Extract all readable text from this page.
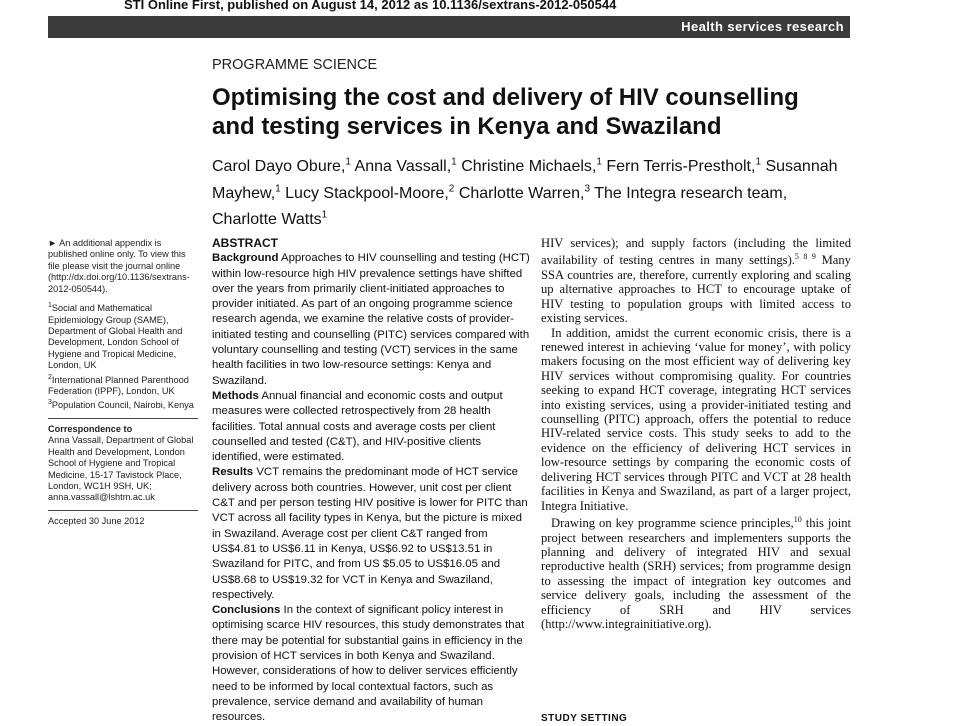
STI Online First, published on August 14, 2012 as 10.1136/sextrans-2012-050544
Health services research
PROGRAMME SCIENCE
Optimising the cost and delivery of HIV counselling and testing services in Kenya and Swaziland
Carol Dayo Obure,$^1$ Anna Vassall,$^1$ Christine Michaels,$^1$ Fern Terris-Prestholt,$^1$ Susannah Mayhew,$^1$ Lucy Stackpool-Moore,$^2$ Charlotte Warren,$^3$ The Integra research team, Charlotte Watts$^1$

► An additional appendix is published online only. To view this file please visit the journal online (http://dx.doi.org/10.1136/sextrans-2012-050544).

$^1$Social and Mathematical Epidemiology Group (SAME), Department of Global Health and Development, London School of Hygiene and Tropical Medicine, London, UK

$^2$International Planned Parenthood Federation (IPPF), London, UK

$^3$Population Council, Nairobi, Kenya

Correspondence to

Anna Vassall, Department of Global Health and Development, London School of Hygiene and Tropical Medicine, 15-17 Tavistock Place, London, WC1H 9SH, UK; anna.vassall@lshtm.ac.uk

Accepted 30 June 2012

ABSTRACT

Background Approaches to HIV counselling and testing (HCT) within low-resource high HIV prevalence settings have shifted over the years from primarily client-initiated approaches to provider initiated. As part of an ongoing programme science research agenda, we examine the relative costs of provider-initiated testing and counselling (PITC) services compared with voluntary counselling and testing (VCT) services in the same health facilities in two low-resource settings: Kenya and Swaziland.

Methods Annual financial and economic costs and output measures were collected retrospectively from 28 health facilities. Total annual costs and average costs per client counselled and tested (C&T), and HIV-positive clients identified, were estimated.

Results VCT remains the predominant mode of HCT service delivery across both countries. However, unit cost per client C&T and per person testing HIV positive is lower for PITC than VCT across all facility types in Kenya, but the picture is mixed in Swaziland. Average cost per client C&T ranged from US$4.81 to US$6.11 in Kenya, US$6.92 to US$13.51 in Swaziland for PITC, and from US $5.05 to US$16.05 and US$8.68 to US$19.32 for VCT in Kenya and Swaziland, respectively.

Conclusions In the context of significant policy interest in optimising scarce HIV resources, this study demonstrates that there may be potential for substantial gains in efficiency in the provision of HCT services in both Kenya and Swaziland. However, considerations of how to deliver services efficiently need to be informed by local contextual factors, such as prevalence, service demand and availability of human resources.

HIV services); and supply factors (including the limited availability of testing centres in many settings).$^{5 8 9}$ Many SSA countries are, therefore, currently exploring and scaling up alternative approaches to HCT to encourage uptake of HIV testing to population groups with limited access to existing services.

In addition, amidst the current economic crisis, there is a renewed interest in achieving ‘value for money’, with policy makers focusing on the most efficient way of delivering key HIV services without compromising quality. For countries seeking to expand HCT coverage, integrating HCT services into existing services, using a provider-initiated testing and counselling (PITC) approach, offers the potential to reduce HIV-related service costs. This study seeks to add to the evidence on the efficiency of delivering HCT services in low-resource settings by comparing the economic costs of delivering HCT services through PITC and VCT at 28 health facilities in Kenya and Swaziland, as part of a larger project, Integra Initiative.

Drawing on key programme science principles,$^{10}$ this joint project between researchers and implementers supports the planning and delivery of integrated HIV and sexual reproductive health (SRH) services; from programme design to assessing the impact of integration key outcomes and service delivery goals, including the assessment of the efficiency of SRH and HIV services (http://www.integrainitiative.org).

STUDY SETTING
